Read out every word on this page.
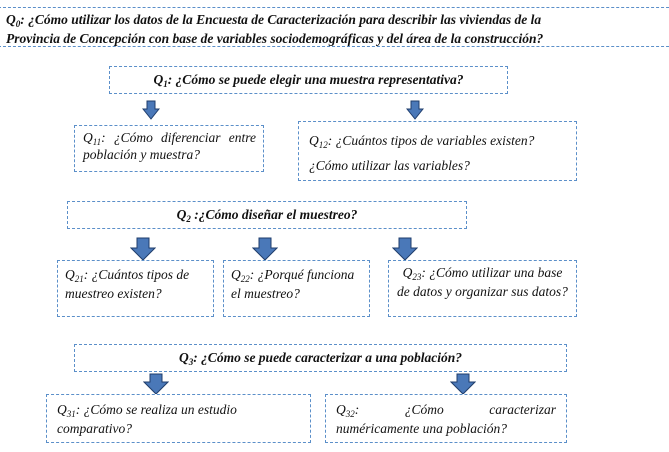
$Q_0$: ¿Cómo utilizar los datos de la Encuesta de Caracterización para describir las viviendas de la
Provincia de Concepción con base de variables sociodemográficas y del área de la construcción?
$Q_1$: ¿Cómo se puede elegir una muestra representativa?
$Q_{11}$: ¿Cómo diferenciar entre población y muestra?
$Q_{12}$: ¿Cuántos tipos de variables existen?
¿Cómo utilizar las variables?
$Q_2$ :¿Cómo diseñar el muestreo?
$Q_{21}$: ¿Cuántos tipos de muestreo existen?
$Q_{22}$: ¿Porqué funciona el muestreo?
$Q_{23}$: ¿Cómo utilizar una base de datos y organizar sus datos?
$Q_3$: ¿Cómo se puede caracterizar a una población?
$Q_{31}$: ¿Cómo se realiza un estudio comparativo?
$Q_{32}$: ¿Cómo caracterizar numéricamente una población?
